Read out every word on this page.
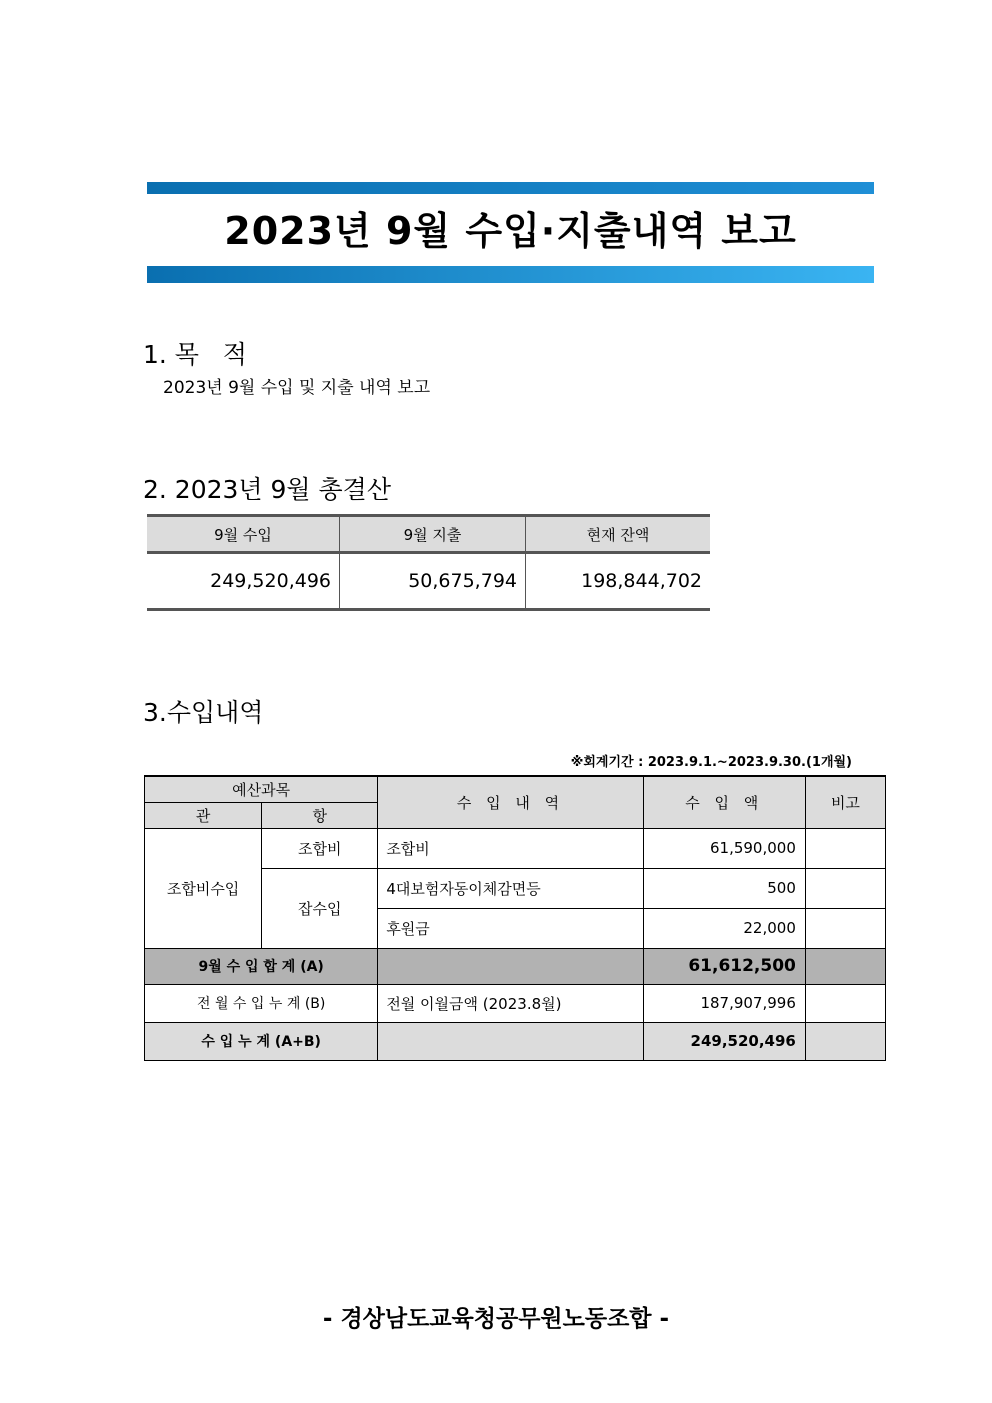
2023년 9월 수입·지출내역 보고
1. 목   적
2023년 9월 수입 및 지출 내역 보고
2. 2023년 9월 총결산
9월 수입	9월 지출	현재 잔액
249,520,496	50,675,794	198,844,702
3.수입내역
※회계기간 : 2023.9.1.~2023.9.30.(1개월)
예산과목		수 입 내 역	수 입 액	비고
관	항			
조합비수입	조합비	조합비	61,590,000	
	잡수입	4대보험자동이체감면등	500	
		후원금	22,000	
9월 수 입 합 계 (A)			61,612,500	
전 월 수 입 누 계 (B)		전월 이월금액 (2023.8월)	187,907,996	
수 입 누 계 (A+B)			249,520,496	
- 경상남도교육청공무원노동조합 -
